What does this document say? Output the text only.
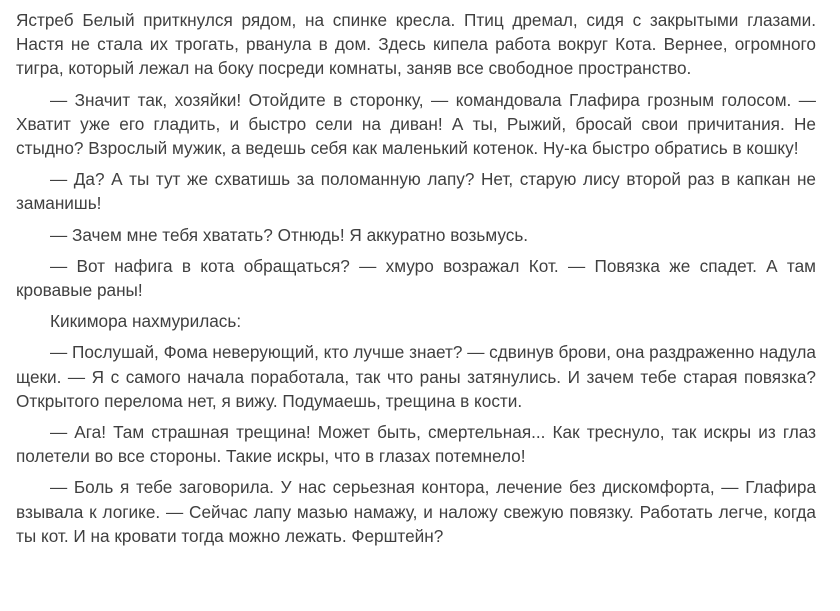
Ястреб Белый приткнулся рядом, на спинке кресла. Птиц дремал, сидя с закрытыми глазами. Настя не стала их трогать, рванула в дом. Здесь кипела работа вокруг Кота. Вернее, огромного тигра, который лежал на боку посреди комнаты, заняв все свободное пространство.

— Значит так, хозяйки! Отойдите в сторонку, — командовала Глафира грозным голосом. — Хватит уже его гладить, и быстро сели на диван! А ты, Рыжий, бросай свои причитания. Не стыдно? Взрослый мужик, а ведешь себя как маленький котенок. Ну-ка быстро обратись в кошку!

— Да? А ты тут же схватишь за поломанную лапу? Нет, старую лису второй раз в капкан не заманишь!

— Зачем мне тебя хватать? Отнюдь! Я аккуратно возьмусь.

— Вот нафига в кота обращаться? — хмуро возражал Кот. — Повязка же спадет. А там кровавые раны!

Кикимора нахмурилась:

— Послушай, Фома неверующий, кто лучше знает? — сдвинув брови, она раздраженно надула щеки. — Я с самого начала поработала, так что раны затянулись. И зачем тебе старая повязка? Открытого перелома нет, я вижу. Подумаешь, трещина в кости.

— Ага! Там страшная трещина! Может быть, смертельная... Как треснуло, так искры из глаз полетели во все стороны. Такие искры, что в глазах потемнело!

— Боль я тебе заговорила. У нас серьезная контора, лечение без дискомфорта, — Глафира взывала к логике. — Сейчас лапу мазью намажу, и наложу свежую повязку. Работать легче, когда ты кот. И на кровати тогда можно лежать. Ферштейн?
